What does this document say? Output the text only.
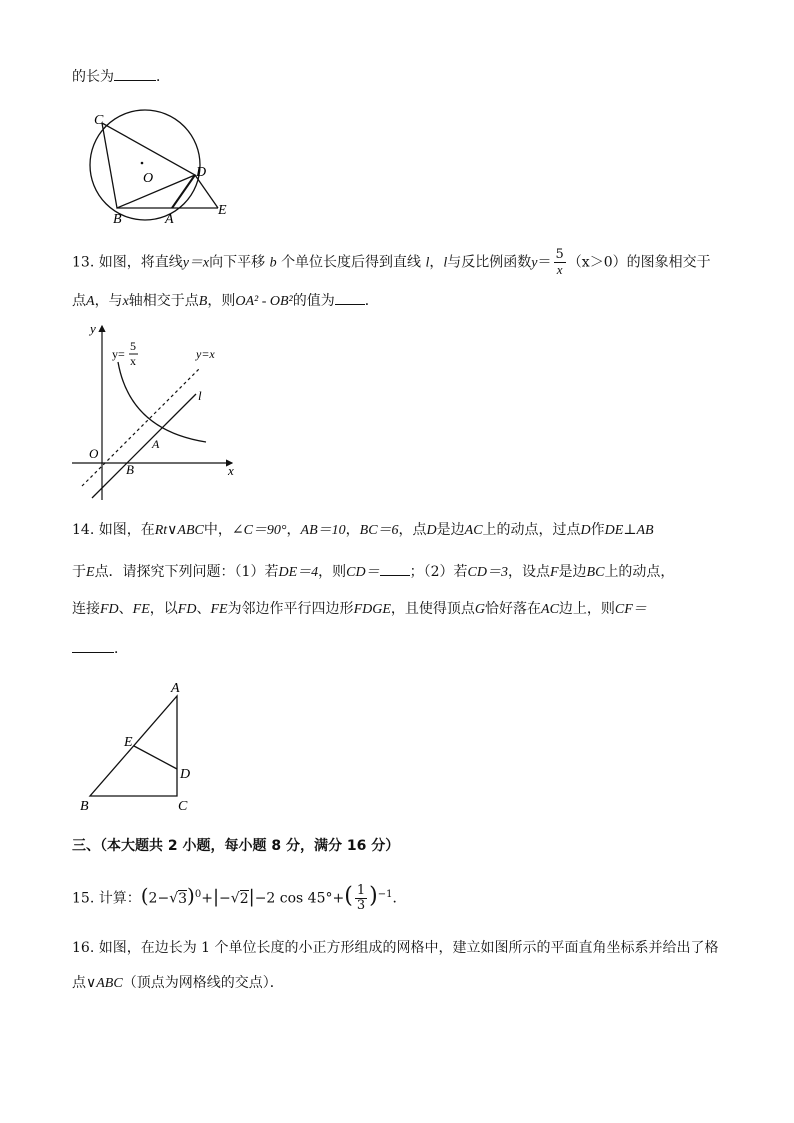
的长为	．
C
O	D
B	A
E
13. 如图，将直线y＝x向下平移 b 个单位长度后得到直线 l，l与反比例函数$y= \frac{5}{x} (x>0)$的图象相交于
点A，与x轴相交于点B，则OA² - OB²的值为 ．
y
x
O
B
A
l
y=x
y=
5
x
14. 如图，在Rt∨ABC中，∠C＝90°，AB＝10，BC＝6，点D是边AC上的动点，过点D作DE⊥AB
于E点．请探究下列问题：（1）若DE＝4，则CD＝ ；（2）若CD＝3，设点F是边BC上的动点，
连接FD、FE，以FD、FE为邻边作平行四边形FDGE，且使得顶点G恰好落在AC边上，则CF＝
．
A
E
D
B	C
三、（本大题共 2 小题，每小题 8 分，满分 16 分）
15. 计算：$(2-√3)^0+|-√2|-2$ $\cos 45^\circ+( \frac{1}{3} )^{-1}$．
16. 如图，在边长为 1 个单位长度的小正方形组成的网格中，建立如图所示的平面直角坐标系并给出了格
点∨ABC（顶点为网格线的交点）．
